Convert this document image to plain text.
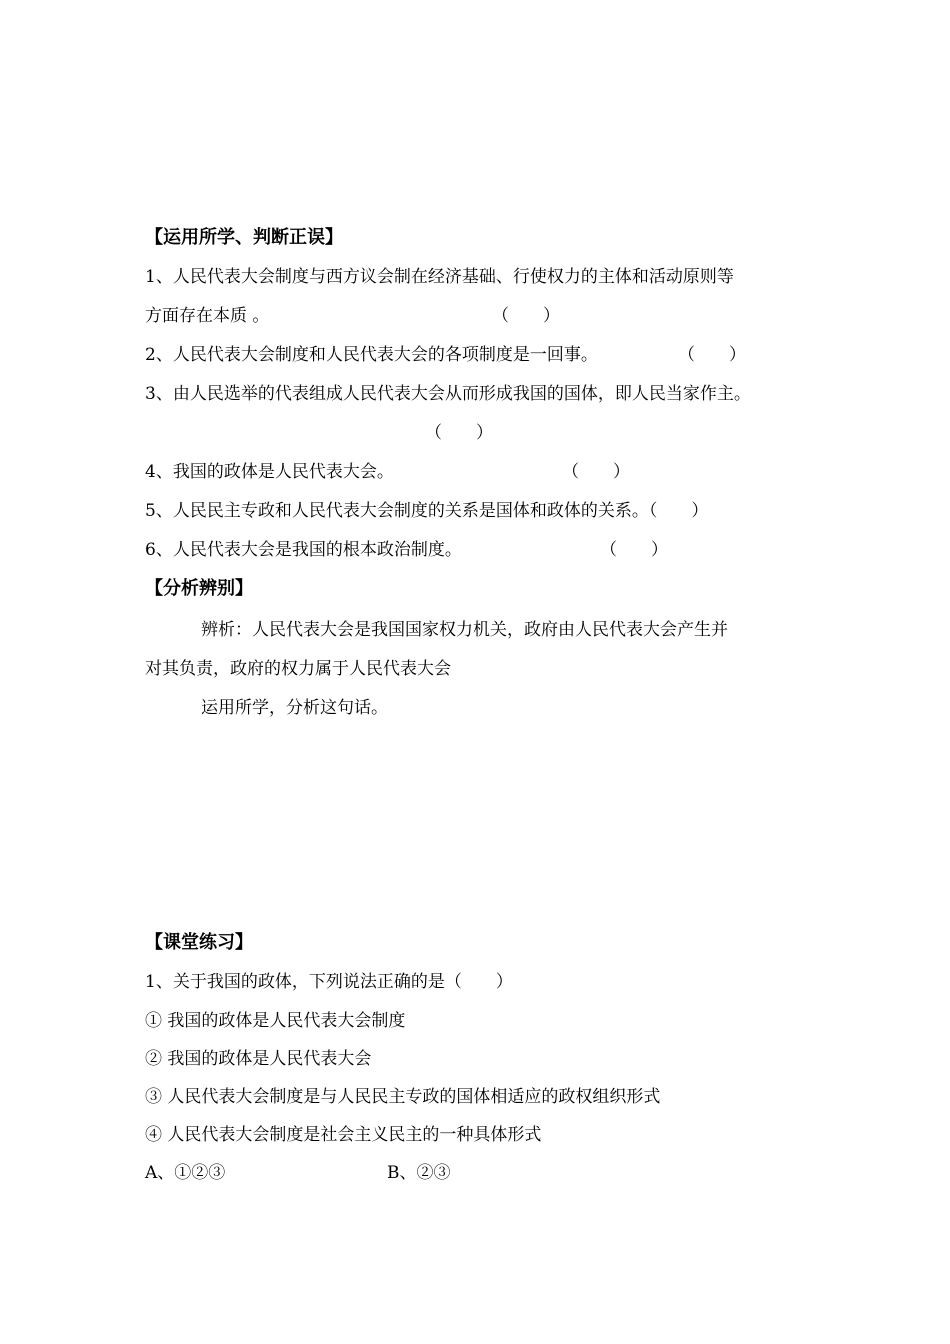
【运用所学、判断正误】
1、人民代表大会制度与西方议会制在经济基础、行使权力的主体和活动原则等
方面存在本质 。	（　　）
2、人民代表大会制度和人民代表大会的各项制度是一回事。	（　　）
3、由人民选举的代表组成人民代表大会从而形成我国的国体，即人民当家作主。
（　　）
4、我国的政体是人民代表大会。	（　　）
5、人民民主专政和人民代表大会制度的关系是国体和政体的关系。（　　）
6、人民代表大会是我国的根本政治制度。	（　　）
【分析辨别】
辨析：人民代表大会是我国国家权力机关，政府由人民代表大会产生并
对其负责，政府的权力属于人民代表大会
运用所学，分析这句话。
【课堂练习】
1、关于我国的政体，下列说法正确的是（　　）
① 我国的政体是人民代表大会制度
② 我国的政体是人民代表大会
③ 人民代表大会制度是与人民民主专政的国体相适应的政权组织形式
④ 人民代表大会制度是社会主义民主的一种具体形式
A、①②③	B、②③
